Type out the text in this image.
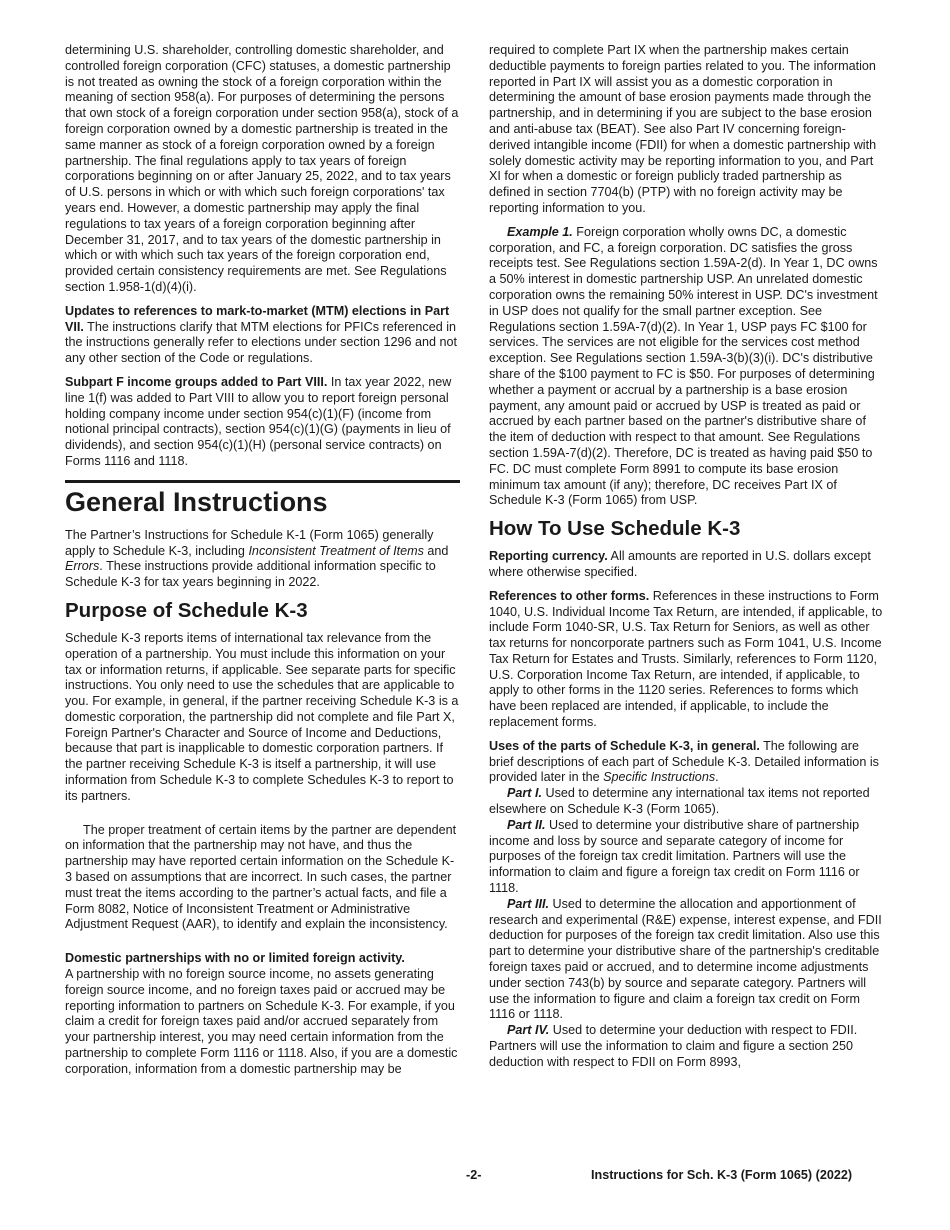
determining U.S. shareholder, controlling domestic shareholder, and controlled foreign corporation (CFC) statuses, a domestic partnership is not treated as owning the stock of a foreign corporation within the meaning of section 958(a). For purposes of determining the persons that own stock of a foreign corporation under section 958(a), stock of a foreign corporation owned by a domestic partnership is treated in the same manner as stock of a foreign corporation owned by a foreign partnership. The final regulations apply to tax years of foreign corporations beginning on or after January 25, 2022, and to tax years of U.S. persons in which or with which such foreign corporations' tax years end. However, a domestic partnership may apply the final regulations to tax years of a foreign corporation beginning after December 31, 2017, and to tax years of the domestic partnership in which or with which such tax years of the foreign corporation end, provided certain consistency requirements are met. See Regulations section 1.958-1(d)(4)(i).

Updates to references to mark-to-market (MTM) elections in Part VII. The instructions clarify that MTM elections for PFICs referenced in the instructions generally refer to elections under section 1296 and not any other section of the Code or regulations.

Subpart F income groups added to Part VIII. In tax year 2022, new line 1(f) was added to Part VIII to allow you to report foreign personal holding company income under section 954(c)(1)(F) (income from notional principal contracts), section 954(c)(1)(G) (payments in lieu of dividends), and section 954(c)(1)(H) (personal service contracts) on Forms 1116 and 1118.

General Instructions

The Partner’s Instructions for Schedule K-1 (Form 1065) generally apply to Schedule K-3, including Inconsistent Treatment of Items and Errors. These instructions provide additional information specific to Schedule K-3 for tax years beginning in 2022.

Purpose of Schedule K-3

Schedule K-3 reports items of international tax relevance from the operation of a partnership. You must include this information on your tax or information returns, if applicable. See separate parts for specific instructions. You only need to use the schedules that are applicable to you. For example, in general, if the partner receiving Schedule K-3 is a domestic corporation, the partnership did not complete and file Part X, Foreign Partner's Character and Source of Income and Deductions, because that part is inapplicable to domestic corporation partners. If the partner receiving Schedule K-3 is itself a partnership, it will use information from Schedule K-3 to complete Schedules K-3 to report to its partners.

The proper treatment of certain items by the partner are dependent on information that the partnership may not have, and thus the partnership may have reported certain information on the Schedule K-3 based on assumptions that are incorrect. In such cases, the partner must treat the items according to the partner’s actual facts, and file a Form 8082, Notice of Inconsistent Treatment or Administrative Adjustment Request (AAR), to identify and explain the inconsistency.

Domestic partnerships with no or limited foreign activity.
A partnership with no foreign source income, no assets generating foreign source income, and no foreign taxes paid or accrued may be reporting information to partners on Schedule K-3. For example, if you claim a credit for foreign taxes paid and/or accrued separately from your partnership interest, you may need certain information from the partnership to complete Form 1116 or 1118. Also, if you are a domestic corporation, information from a domestic partnership may be

required to complete Part IX when the partnership makes certain deductible payments to foreign parties related to you. The information reported in Part IX will assist you as a domestic corporation in determining the amount of base erosion payments made through the partnership, and in determining if you are subject to the base erosion and anti-abuse tax (BEAT). See also Part IV concerning foreign-derived intangible income (FDII) for when a domestic partnership with solely domestic activity may be reporting information to you, and Part XI for when a domestic or foreign publicly traded partnership as defined in section 7704(b) (PTP) with no foreign activity may be reporting information to you.

Example 1. Foreign corporation wholly owns DC, a domestic corporation, and FC, a foreign corporation. DC satisfies the gross receipts test. See Regulations section 1.59A-2(d). In Year 1, DC owns a 50% interest in domestic partnership USP. An unrelated domestic corporation owns the remaining 50% interest in USP. DC's investment in USP does not qualify for the small partner exception. See Regulations section 1.59A-7(d)(2). In Year 1, USP pays FC $100 for services. The services are not eligible for the services cost method exception. See Regulations section 1.59A-3(b)(3)(i). DC's distributive share of the $100 payment to FC is $50. For purposes of determining whether a payment or accrual by a partnership is a base erosion payment, any amount paid or accrued by USP is treated as paid or accrued by each partner based on the partner's distributive share of the item of deduction with respect to that amount. See Regulations section 1.59A-7(d)(2). Therefore, DC is treated as having paid $50 to FC. DC must complete Form 8991 to compute its base erosion minimum tax amount (if any); therefore, DC receives Part IX of Schedule K-3 (Form 1065) from USP.

How To Use Schedule K-3

Reporting currency. All amounts are reported in U.S. dollars except where otherwise specified.

References to other forms. References in these instructions to Form 1040, U.S. Individual Income Tax Return, are intended, if applicable, to include Form 1040-SR, U.S. Tax Return for Seniors, as well as other tax returns for noncorporate partners such as Form 1041, U.S. Income Tax Return for Estates and Trusts. Similarly, references to Form 1120, U.S. Corporation Income Tax Return, are intended, if applicable, to apply to other forms in the 1120 series. References to forms which have been replaced are intended, if applicable, to include the replacement forms.

Uses of the parts of Schedule K-3, in general. The following are brief descriptions of each part of Schedule K-3. Detailed information is provided later in the Specific Instructions.

Part I. Used to determine any international tax items not reported elsewhere on Schedule K-3 (Form 1065).

Part II. Used to determine your distributive share of partnership income and loss by source and separate category of income for purposes of the foreign tax credit limitation. Partners will use the information to claim and figure a foreign tax credit on Form 1116 or 1118.

Part III. Used to determine the allocation and apportionment of research and experimental (R&E) expense, interest expense, and FDII deduction for purposes of the foreign tax credit limitation. Also use this part to determine your distributive share of the partnership's creditable foreign taxes paid or accrued, and to determine income adjustments under section 743(b) by source and separate category. Partners will use the information to figure and claim a foreign tax credit on Form 1116 or 1118.

Part IV. Used to determine your deduction with respect to FDII. Partners will use the information to claim and figure a section 250 deduction with respect to FDII on Form 8993,

-2-	Instructions for Sch. K-3 (Form 1065) (2022)
